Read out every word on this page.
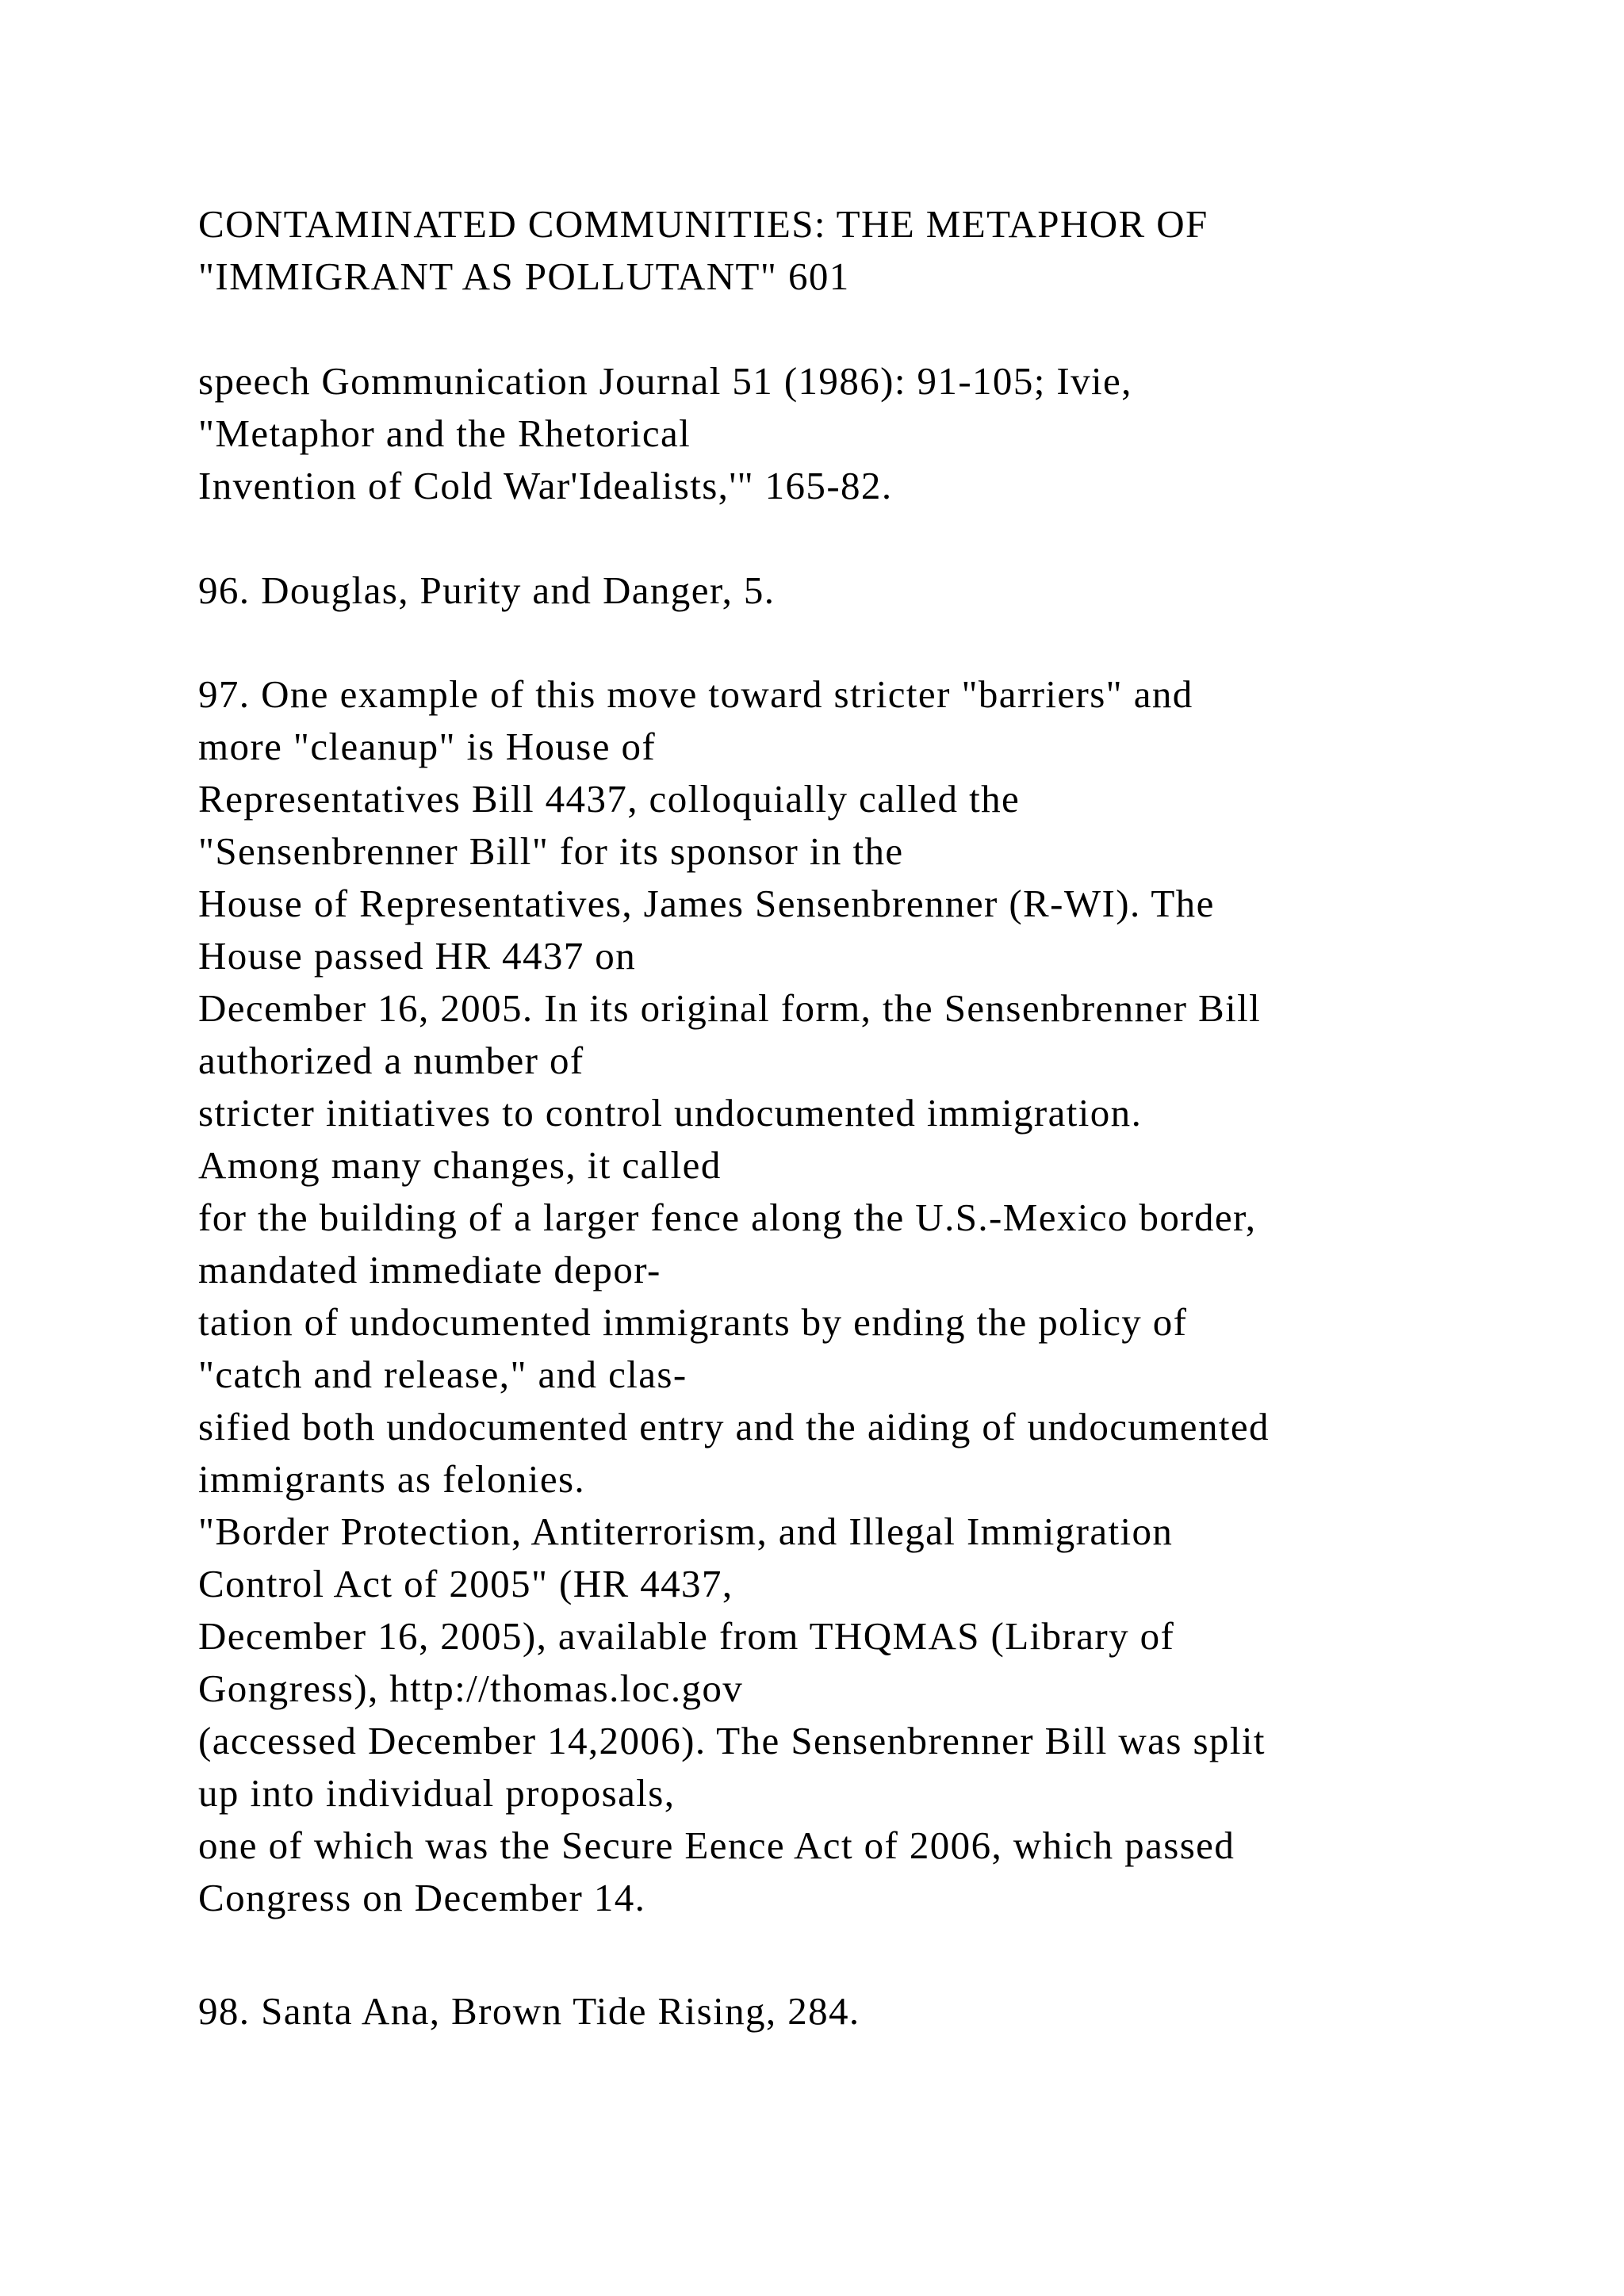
CONTAMINATED COMMUNITIES: THE METAPHOR OF
"IMMIGRANT AS POLLUTANT" 601
speech Gommunication Journal 51 (1986): 91-105; Ivie,
"Metaphor and the Rhetorical
Invention of Cold War'Idealists,'" 165-82.
96. Douglas, Purity and Danger, 5.
97. One example of this move toward stricter "barriers" and
more "cleanup" is House of
Representatives Bill 4437, colloquially called the
"Sensenbrenner Bill" for its sponsor in the
House of Representatives, James Sensenbrenner (R-WI). The
House passed HR 4437 on
December 16, 2005. In its original form, the Sensenbrenner Bill
authorized a number of
stricter initiatives to control undocumented immigration.
Among many changes, it called
for the building of a larger fence along the U.S.-Mexico border,
mandated immediate depor-
tation of undocumented immigrants by ending the policy of
"catch and release," and clas-
sified both undocumented entry and the aiding of undocumented
immigrants as felonies.
"Border Protection, Antiterrorism, and Illegal Immigration
Control Act of 2005" (HR 4437,
December 16, 2005), available from THQMAS (Library of
Gongress), http://thomas.loc.gov
(accessed December 14,2006). The Sensenbrenner Bill was split
up into individual proposals,
one of which was the Secure Eence Act of 2006, which passed
Congress on December 14.
98. Santa Ana, Brown Tide Rising, 284.
